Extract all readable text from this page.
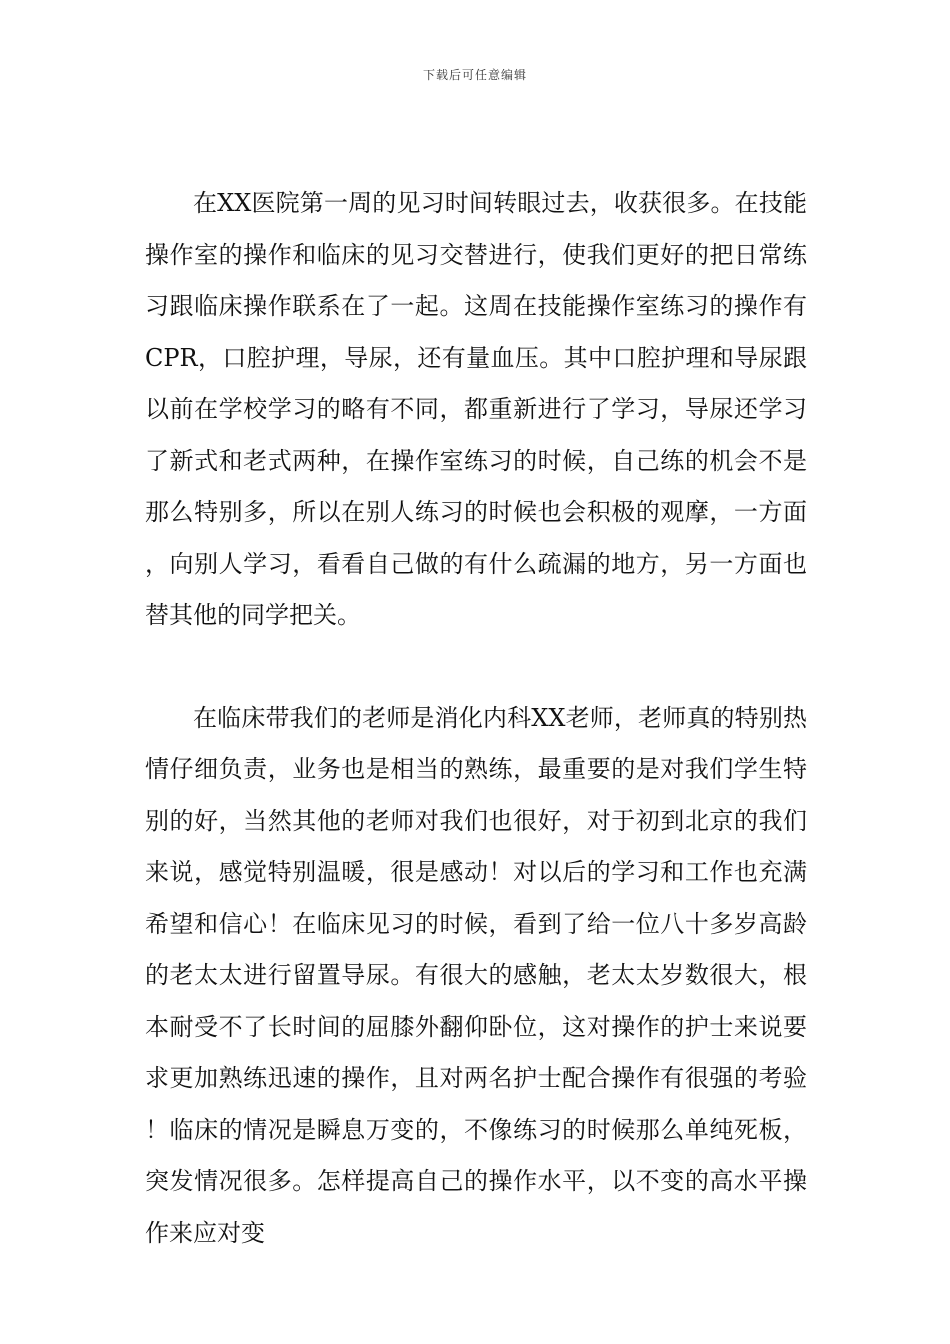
下载后可任意编辑

在XX医院第一周的见习时间转眼过去，收获很多。在技能操作室的操作和临床的见习交替进行，使我们更好的把日常练习跟临床操作联系在了一起。这周在技能操作室练习的操作有CPR，口腔护理，导尿，还有量血压。其中口腔护理和导尿跟以前在学校学习的略有不同，都重新进行了学习，导尿还学习了新式和老式两种，在操作室练习的时候，自己练的机会不是那么特别多，所以在别人练习的时候也会积极的观摩，一方面，向别人学习，看看自己做的有什么疏漏的地方，另一方面也替其他的同学把关。

在临床带我们的老师是消化内科XX老师，老师真的特别热情仔细负责，业务也是相当的熟练，最重要的是对我们学生特别的好，当然其他的老师对我们也很好，对于初到北京的我们来说，感觉特别温暖，很是感动！对以后的学习和工作也充满希望和信心！在临床见习的时候，看到了给一位八十多岁高龄的老太太进行留置导尿。有很大的感触，老太太岁数很大，根本耐受不了长时间的屈膝外翻仰卧位，这对操作的护士来说要求更加熟练迅速的操作，且对两名护士配合操作有很强的考验！临床的情况是瞬息万变的，不像练习的时候那么单纯死板，突发情况很多。怎样提高自己的操作水平，以不变的高水平操作来应对变
